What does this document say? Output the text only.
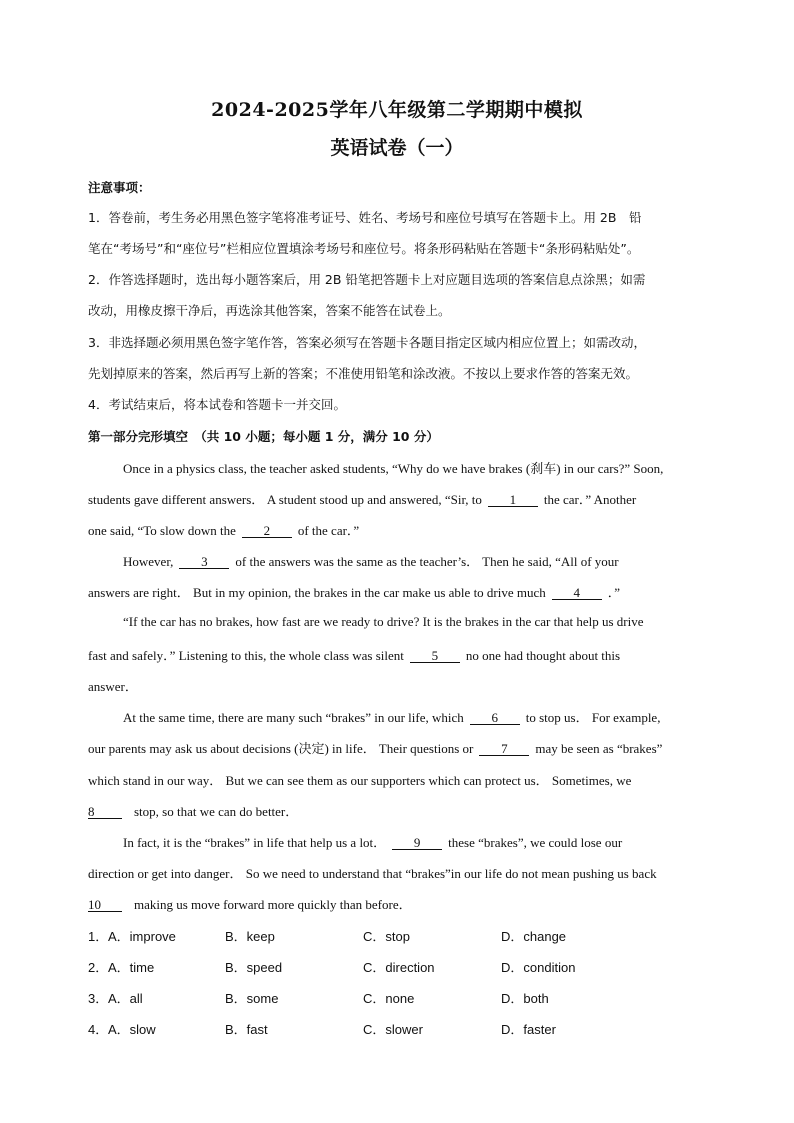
2024-2025学年八年级第二学期期中模拟
英语试卷（一）
注意事项：
1．答卷前，考生务必用黑色签字笔将准考证号、姓名、考场号和座位号填写在答题卡上。用 2B　铅
笔在“考场号”和“座位号”栏相应位置填涂考场号和座位号。将条形码粘贴在答题卡“条形码粘贴处”。
2．作答选择题时，选出每小题答案后，用 2B 铅笔把答题卡上对应题目选项的答案信息点涂黑；如需
改动，用橡皮擦干净后，再选涂其他答案，答案不能答在试卷上。
3．非选择题必须用黑色签字笔作答，答案必须写在答题卡各题目指定区域内相应位置上；如需改动，
先划掉原来的答案，然后再写上新的答案；不准使用铅笔和涂改液。不按以上要求作答的答案无效。
4．考试结束后，将本试卷和答题卡一并交回。
第一部分完形填空　（共 10 小题；每小题 1 分，满分 10 分）
Once in a physics class, the teacher asked students, “Why do we have brakes (刹车) in our cars?” Soon,
students gave different answers． A student stood up and answered, “Sir, to 1 the car．” Another
one said, “To slow down the 2 of the car．”
However, 3 of the answers was the same as the teacher’s． Then he said, “All of your
answers are right． But in my opinion, the brakes in the car make us able to drive much 4 ．”
“If the car has no brakes, how fast are we ready to drive? It is the brakes in the car that help us drive
fast and safely．” Listening to this, the whole class was silent 5 no one had thought about this
answer．
At the same time, there are many such “brakes” in our life, which 6 to stop us． For example,
our parents may ask us about decisions (决定) in life． Their questions or 7 may be seen as “brakes”
which stand in our way． But we can see them as our supporters which can protect us． Sometimes, we
8	stop, so that we can do better．
In fact, it is the “brakes” in life that help us a lot． 9 these “brakes”, we could lose our
direction or get into danger． So we need to understand that “brakes”in our life do not mean pushing us back
10	making us move forward more quickly than before．
1． A．improve	B．keep	C．stop	D．change
2． A．time	B．speed	C．direction	D．condition
3． A．all	B．some	C．none	D．both
4． A．slow	B．fast	C．slower	D．faster
